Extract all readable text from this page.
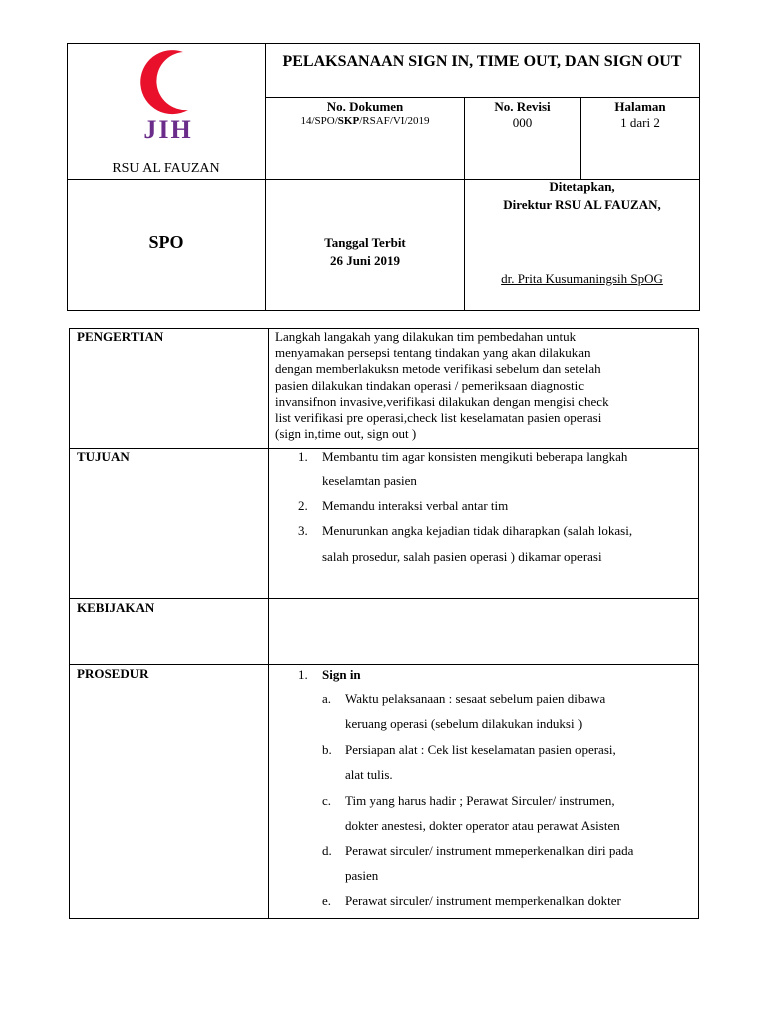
JIH
RSU AL FAUZAN
PELAKSANAAN SIGN IN, TIME OUT, DAN SIGN OUT
No. Dokumen
14/SPO/SKP/RSAF/VI/2019
No. Revisi
000
Halaman
1 dari 2
SPO	Tanggal Terbit
26 Juni 2019
Ditetapkan,
Direktur RSU AL FAUZAN,
dr. Prita Kusumaningsih SpOG
PENGERTIAN	Langkah langakah yang dilakukan tim pembedahan untuk
menyamakan persepsi tentang tindakan yang akan dilakukan
dengan memberlakuksn metode verifikasi sebelum dan setelah
pasien dilakukan tindakan operasi / pemeriksaan diagnostic
invansifnon invasive,verifikasi dilakukan dengan mengisi check
list verifikasi pre operasi,check list keselamatan pasien operasi
(sign in,time out, sign out )
TUJUAN	1. Membantu tim agar konsisten mengikuti beberapa langkah
keselamtan pasien
2. Memandu interaksi verbal antar tim
3. Menurunkan angka kejadian tidak diharapkan (salah lokasi,
salah prosedur, salah pasien operasi ) dikamar operasi
KEBIJAKAN
PROSEDUR	1. Sign in
a. Waktu pelaksanaan : sesaat sebelum paien dibawa
keruang operasi (sebelum dilakukan induksi )
b. Persiapan alat : Cek list keselamatan pasien operasi,
alat tulis.
c. Tim yang harus hadir ; Perawat Sirculer/ instrumen,
dokter anestesi, dokter operator atau perawat Asisten
d. Perawat sirculer/ instrument mmeperkenalkan diri pada
pasien
e. Perawat sirculer/ instrument memperkenalkan dokter
